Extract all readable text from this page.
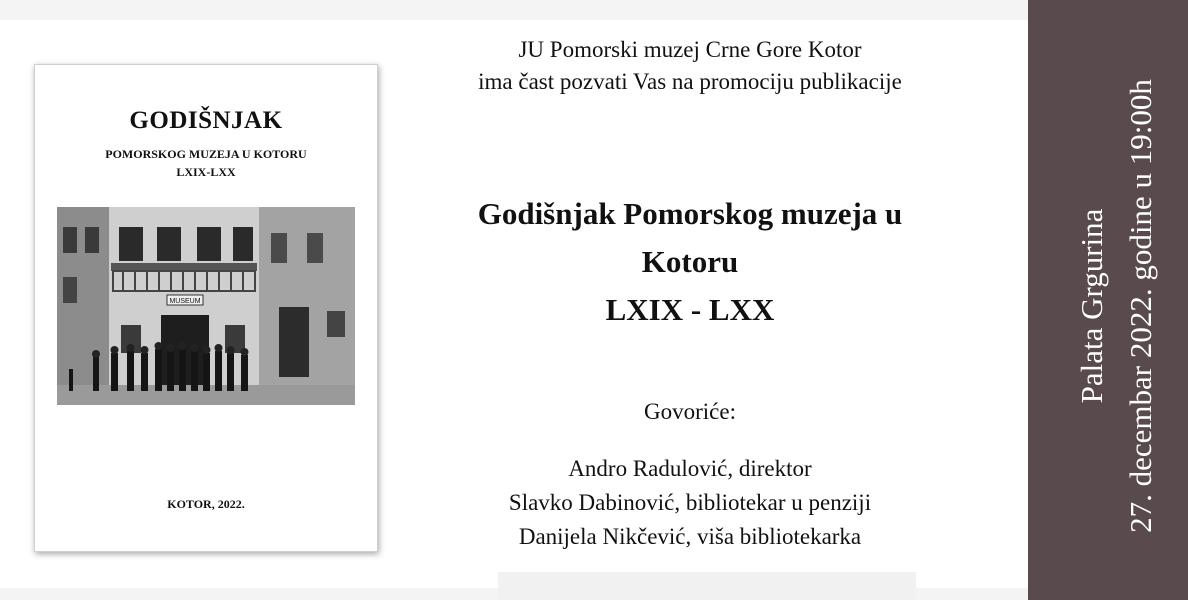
GODIŠNJAK
POMORSKOG MUZEJA U KOTORU
LXIX-LXX
MUSEUM
KOTOR, 2022.
JU Pomorski muzej Crne Gore Kotor
ima čast pozvati Vas na promociju publikacije
Godišnjak Pomorskog muzeja u
Kotoru
LXIX - LXX
Govoriće:
Andro Radulović, direktor
Slavko Dabinović, bibliotekar u penziji
Danijela Nikčević, viša bibliotekarka
Palata Grgurina 27. decembar 2022. godine u 19:00h
